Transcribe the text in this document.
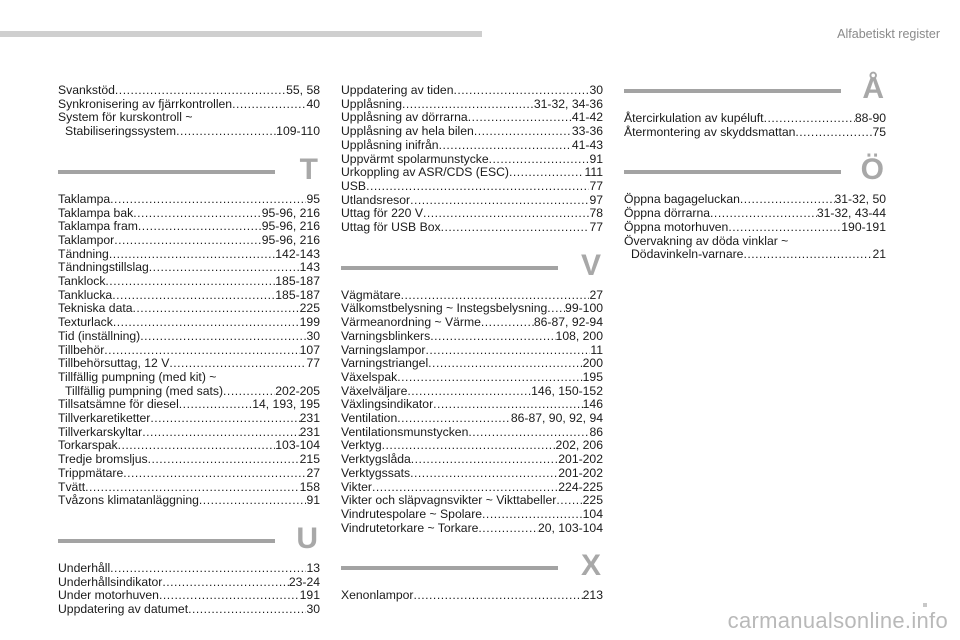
Alfabetiskt register
Svankstöd .....	55, 58
Synkronisering av fjärrkontrollen .....	40
System för kurskontroll ~
Stabiliseringssystem .....	109-110
T
Taklampa .....	95
Taklampa bak .....	95-96, 216
Taklampa fram .....	95-96, 216
Taklampor .....	95-96, 216
Tändning .....	142-143
Tändningstillslag .....	143
Tanklock .....	185-187
Tanklucka .....	185-187
Tekniska data .....	225
Texturlack .....	199
Tid (inställning) .....	30
Tillbehör .....	107
Tillbehörsuttag, 12 V .....	77
Tillfällig pumpning (med kit) ~
Tillfällig pumpning (med sats) .....	202-205
Tillsatsämne för diesel .....	14, 193, 195
Tillverkaretiketter .....	231
Tillverkarskyltar .....	231
Torkarspak .....	103-104
Tredje bromsljus .....	215
Trippmätare .....	27
Tvätt .....	158
Tvåzons klimatanläggning .....	91
U
Underhåll .....	13
Underhållsindikator .....	23-24
Under motorhuven .....	191
Uppdatering av datumet .....	30
Uppdatering av tiden .....	30
Upplåsning .....	31-32, 34-36
Upplåsning av dörrarna .....	41-42
Upplåsning av hela bilen .....	33-36
Upplåsning inifrån .....	41-43
Uppvärmt spolarmunstycke .....	91
Urkoppling av ASR/CDS (ESC) .....	111
USB .....	77
Utlandsresor .....	97
Uttag för 220 V .....	78
Uttag för USB Box .....	77
V
Vägmätare .....	27
Välkomstbelysning ~ Instegsbelysning ..... 99-100
Värmeanordning ~ Värme .....	86-87, 92-94
Varningsblinkers .....	108, 200
Varningslampor .....	11
Varningstriangel .....	200
Växelspak .....	195
Växelväljare .....	146, 150-152
Växlingsindikator .....	146
Ventilation .....	86-87, 90, 92, 94
Ventilationsmunstycken .....	86
Verktyg .....	202, 206
Verktygslåda .....	201-202
Verktygssats .....	201-202
Vikter .....	224-225
Vikter och släpvagnsvikter ~ Vikttabeller ..... 225
Vindrutespolare ~ Spolare .....	104
Vindrutetorkare ~ Torkare .....	20, 103-104
X
Xenonlampor .....	213
Å
Återcirkulation av kupéluft .....	88-90
Återmontering av skyddsmattan .....	75
Ö
Öppna bagageluckan .....	31-32, 50
Öppna dörrarna .....	31-32, 43-44
Öppna motorhuven .....	190-191
Övervakning av döda vinklar ~
Dödavinkeln-varnare .....	21
carmanualsonline.info
